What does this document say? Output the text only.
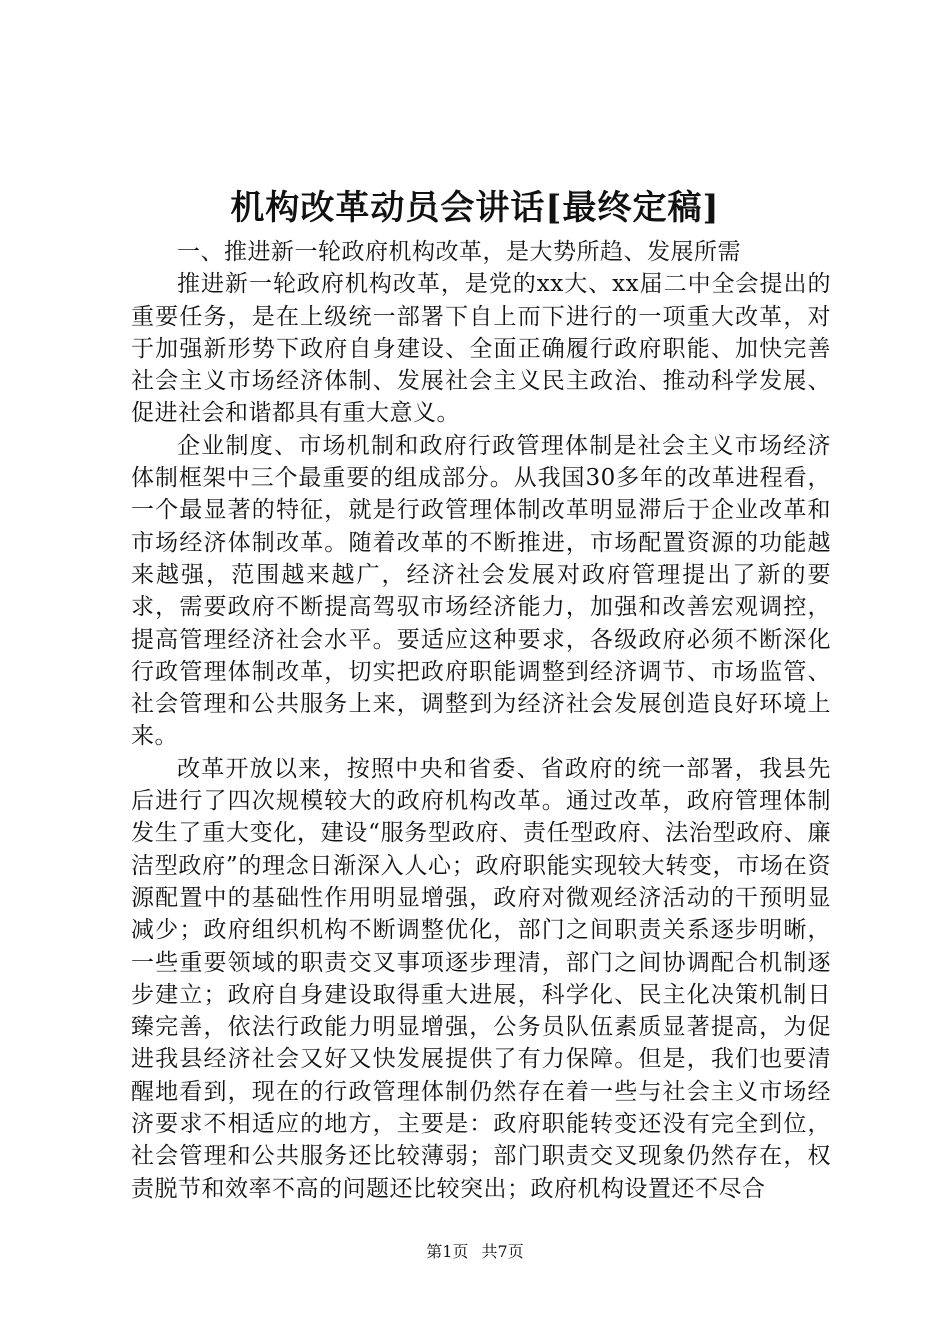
机构改革动员会讲话[最终定稿]

一、推进新一轮政府机构改革，是大势所趋、发展所需

推进新一轮政府机构改革，是党的xx大、xx届二中全会提出的重要任务，是在上级统一部署下自上而下进行的一项重大改革，对于加强新形势下政府自身建设、全面正确履行政府职能、加快完善社会主义市场经济体制、发展社会主义民主政治、推动科学发展、促进社会和谐都具有重大意义。

企业制度、市场机制和政府行政管理体制是社会主义市场经济体制框架中三个最重要的组成部分。从我国30多年的改革进程看，一个最显著的特征，就是行政管理体制改革明显滞后于企业改革和市场经济体制改革。随着改革的不断推进，市场配置资源的功能越来越强，范围越来越广，经济社会发展对政府管理提出了新的要求，需要政府不断提高驾驭市场经济能力，加强和改善宏观调控，提高管理经济社会水平。要适应这种要求，各级政府必须不断深化行政管理体制改革，切实把政府职能调整到经济调节、市场监管、社会管理和公共服务上来，调整到为经济社会发展创造良好环境上来。

改革开放以来，按照中央和省委、省政府的统一部署，我县先后进行了四次规模较大的政府机构改革。通过改革，政府管理体制发生了重大变化，建设“服务型政府、责任型政府、法治型政府、廉洁型政府”的理念日渐深入人心；政府职能实现较大转变，市场在资源配置中的基础性作用明显增强，政府对微观经济活动的干预明显减少；政府组织机构不断调整优化，部门之间职责关系逐步明晰，一些重要领域的职责交叉事项逐步理清，部门之间协调配合机制逐步建立；政府自身建设取得重大进展，科学化、民主化决策机制日臻完善，依法行政能力明显增强，公务员队伍素质显著提高，为促进我县经济社会又好又快发展提供了有力保障。但是，我们也要清醒地看到，现在的行政管理体制仍然存在着一些与社会主义市场经济要求不相适应的地方，主要是：政府职能转变还没有完全到位，社会管理和公共服务还比较薄弱；部门职责交叉现象仍然存在，权责脱节和效率不高的问题还比较突出；政府机构设置还不尽合

第1页 共7页
